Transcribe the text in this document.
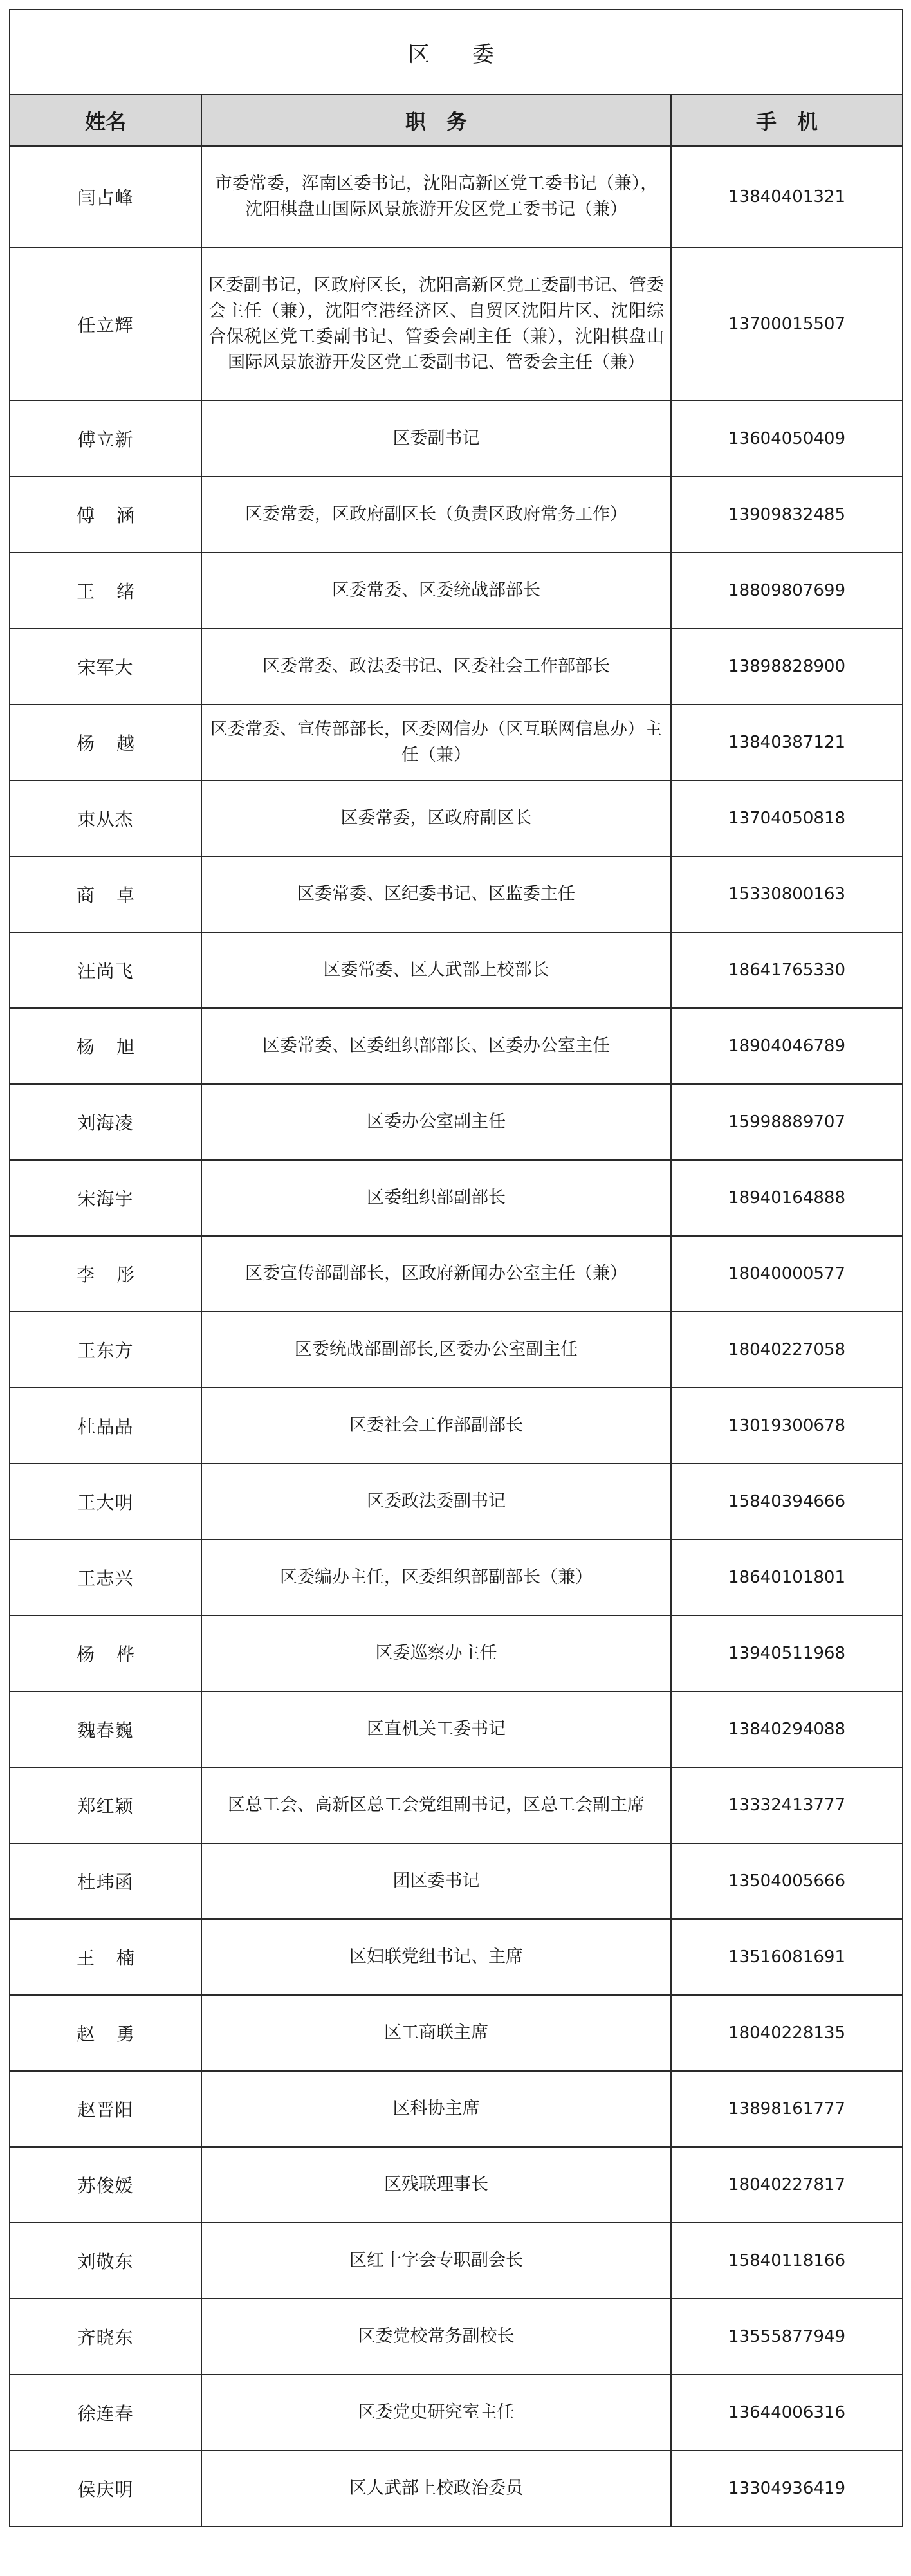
区　委		
姓名	职　务	手　机
闫占峰	市委常委，浑南区委书记，沈阳高新区党工委书记（兼），沈阳棋盘山国际风景旅游开发区党工委书记（兼）	13840401321
任立辉	区委副书记，区政府区长，沈阳高新区党工委副书记、管委会主任（兼），沈阳空港经济区、自贸区沈阳片区、沈阳综合保税区党工委副书记、管委会副主任（兼），沈阳棋盘山国际风景旅游开发区党工委副书记、管委会主任（兼）	13700015507
傅立新	区委副书记	13604050409
傅涵	区委常委，区政府副区长（负责区政府常务工作）	13909832485
王绪	区委常委、区委统战部部长	18809807699
宋军大	区委常委、政法委书记、区委社会工作部部长	13898828900
杨越	区委常委、宣传部部长，区委网信办（区互联网信息办）主任（兼）	13840387121
束从杰	区委常委，区政府副区长	13704050818
商卓	区委常委、区纪委书记、区监委主任	15330800163
汪尚飞	区委常委、区人武部上校部长	18641765330
杨旭	区委常委、区委组织部部长、区委办公室主任	18904046789
刘海凌	区委办公室副主任	15998889707
宋海宇	区委组织部副部长	18940164888
李彤	区委宣传部副部长，区政府新闻办公室主任（兼）	18040000577
王东方	区委统战部副部长,区委办公室副主任	18040227058
杜晶晶	区委社会工作部副部长	13019300678
王大明	区委政法委副书记	15840394666
王志兴	区委编办主任，区委组织部副部长（兼）	18640101801
杨桦	区委巡察办主任	13940511968
魏春巍	区直机关工委书记	13840294088
郑红颖	区总工会、高新区总工会党组副书记，区总工会副主席	13332413777
杜玮函	团区委书记	13504005666
王楠	区妇联党组书记、主席	13516081691
赵勇	区工商联主席	18040228135
赵晋阳	区科协主席	13898161777
苏俊媛	区残联理事长	18040227817
刘敬东	区红十字会专职副会长	15840118166
齐晓东	区委党校常务副校长	13555877949
徐连春	区委党史研究室主任	13644006316
侯庆明	区人武部上校政治委员	13304936419
